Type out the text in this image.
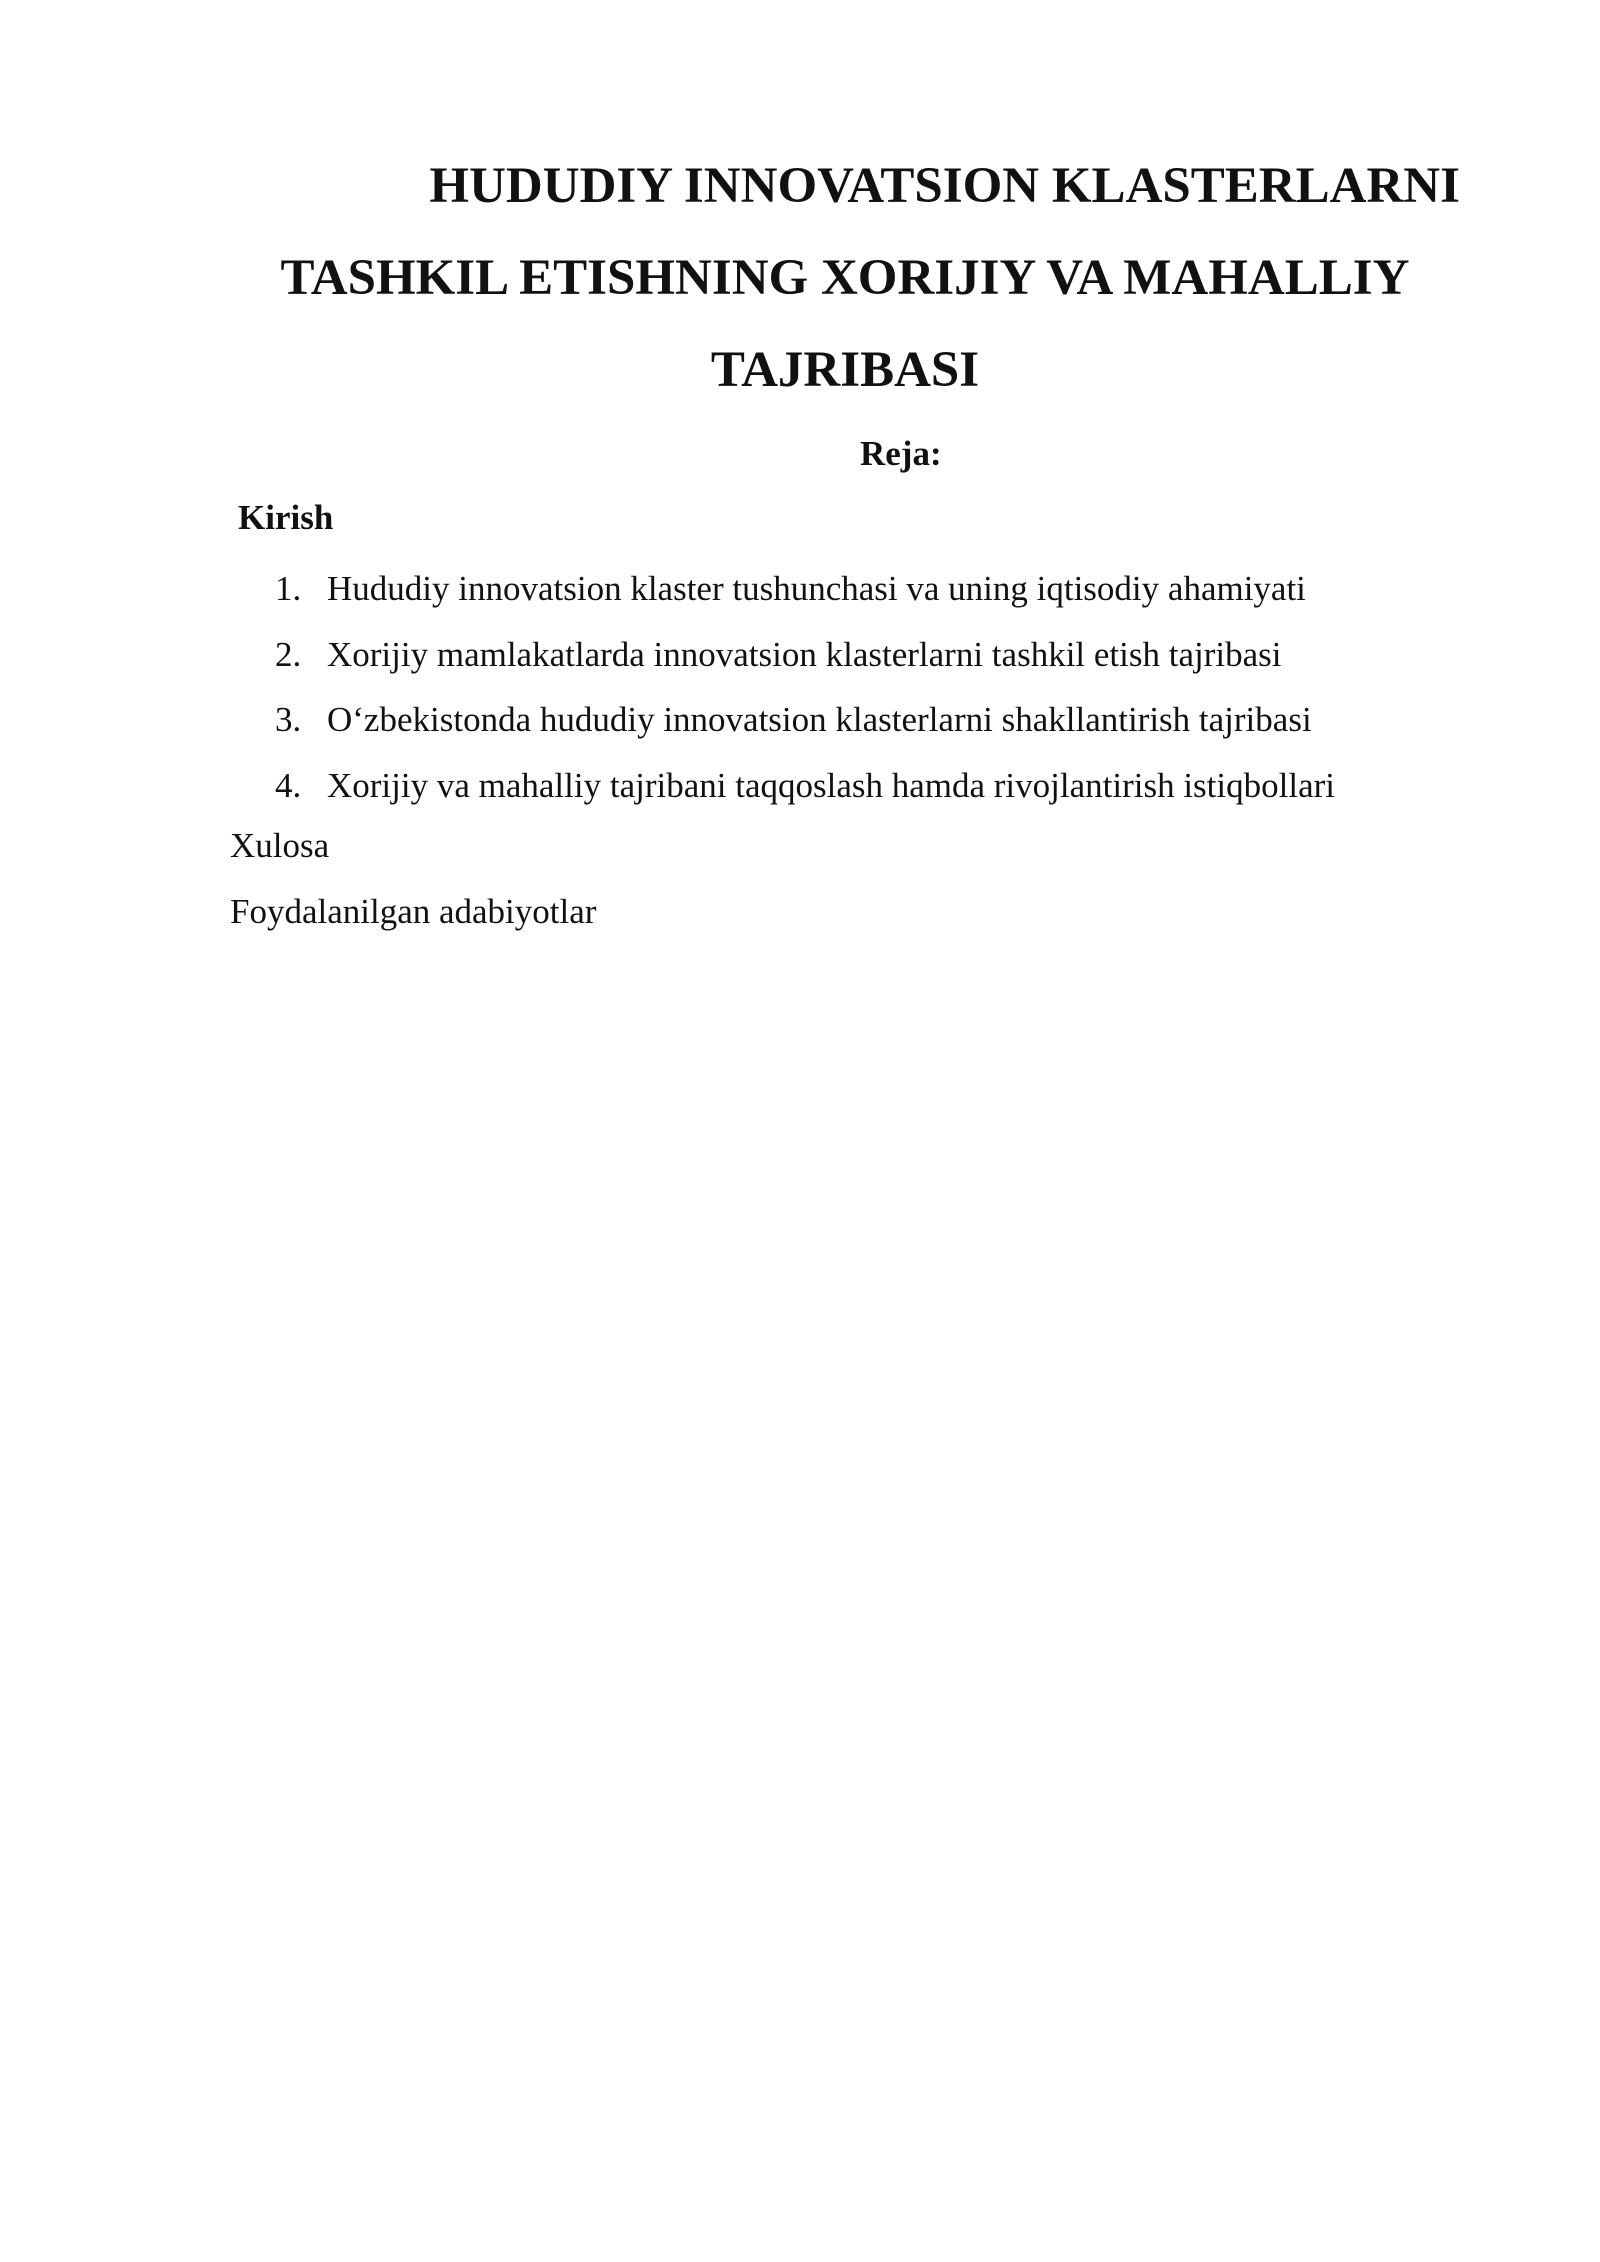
HUDUDIY INNOVATSION KLASTERLARNI
TASHKIL ETISHNING XORIJIY VA MAHALLIY
TAJRIBASI
Reja:
Kirish
1. Hududiy innovatsion klaster tushunchasi va uning iqtisodiy ahamiyati
2. Xorijiy mamlakatlarda innovatsion klasterlarni tashkil etish tajribasi
3. O‘zbekistonda hududiy innovatsion klasterlarni shakllantirish tajribasi
4. Xorijiy va mahalliy tajribani taqqoslash hamda rivojlantirish istiqbollari
Xulosa
Foydalanilgan adabiyotlar
